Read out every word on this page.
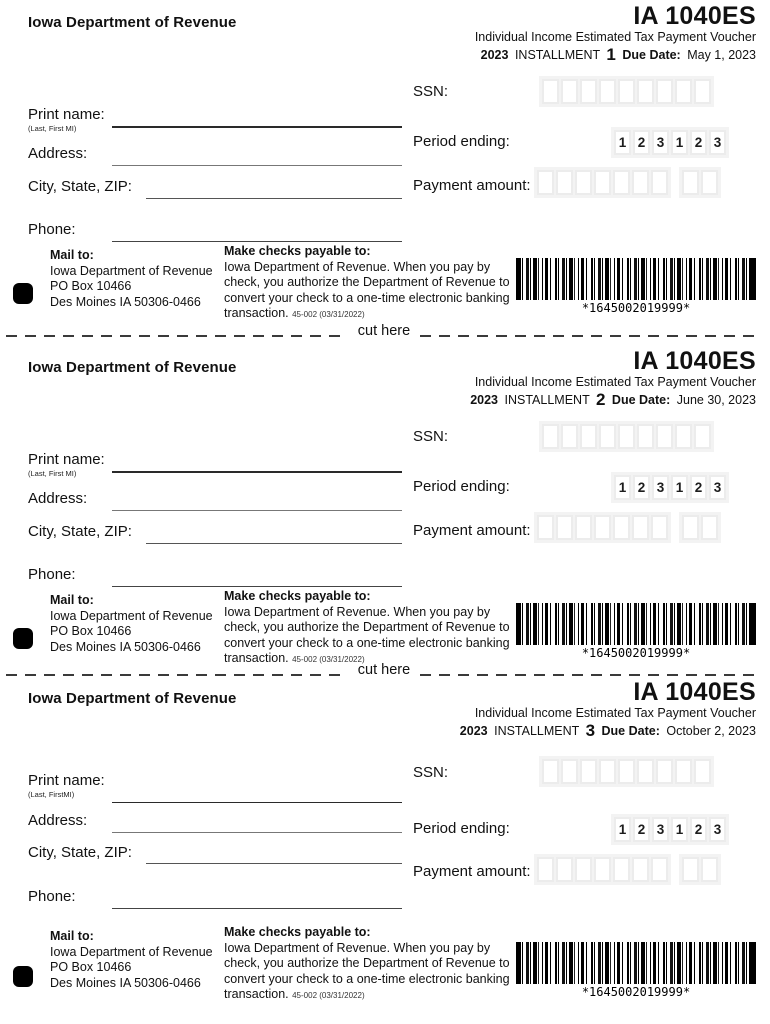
Iowa Department of Revenue	IA 1040ES
Individual Income Estimated Tax Payment Voucher
2023 INSTALLMENT 1 Due Date: May 1, 2023
SSN:
Period ending:	1 2 3 1 2 3
Payment amount:
Print name:
(Last, First MI)
Address:
City, State, ZIP:
Phone:
Mail to:
Iowa Department of Revenue
PO Box 10466
Des Moines IA 50306-0466
Make checks payable to:
Iowa Department of Revenue. When you pay by check, you authorize the Department of Revenue to convert your check to a one-time electronic banking transaction. 45-002 (03/31/2022)	*1645002019999*
Iowa Department of Revenue	IA 1040ES
Individual Income Estimated Tax Payment Voucher
2023 INSTALLMENT 2 Due Date: June 30, 2023
SSN:
Period ending:	1 2 3 1 2 3
Payment amount:
Print name:
(Last, First MI)
Address:
City, State, ZIP:
Phone:
Mail to:
Iowa Department of Revenue
PO Box 10466
Des Moines IA 50306-0466
Make checks payable to:
Iowa Department of Revenue. When you pay by check, you authorize the Department of Revenue to convert your check to a one-time electronic banking transaction. 45-002 (03/31/2022)	*1645002019999*
Iowa Department of Revenue	IA 1040ES
Individual Income Estimated Tax Payment Voucher
2023 INSTALLMENT 3 Due Date: October 2, 2023
SSN:
Period ending:	1 2 3 1 2 3
Payment amount:
Print name:
(Last, FirstMI)
Address:
City, State, ZIP:
Phone:
Mail to:
Iowa Department of Revenue
PO Box 10466
Des Moines IA 50306-0466
Make checks payable to:
Iowa Department of Revenue. When you pay by check, you authorize the Department of Revenue to convert your check to a one-time electronic banking transaction. 45-002 (03/31/2022)	*1645002019999*
cut here
cut here
